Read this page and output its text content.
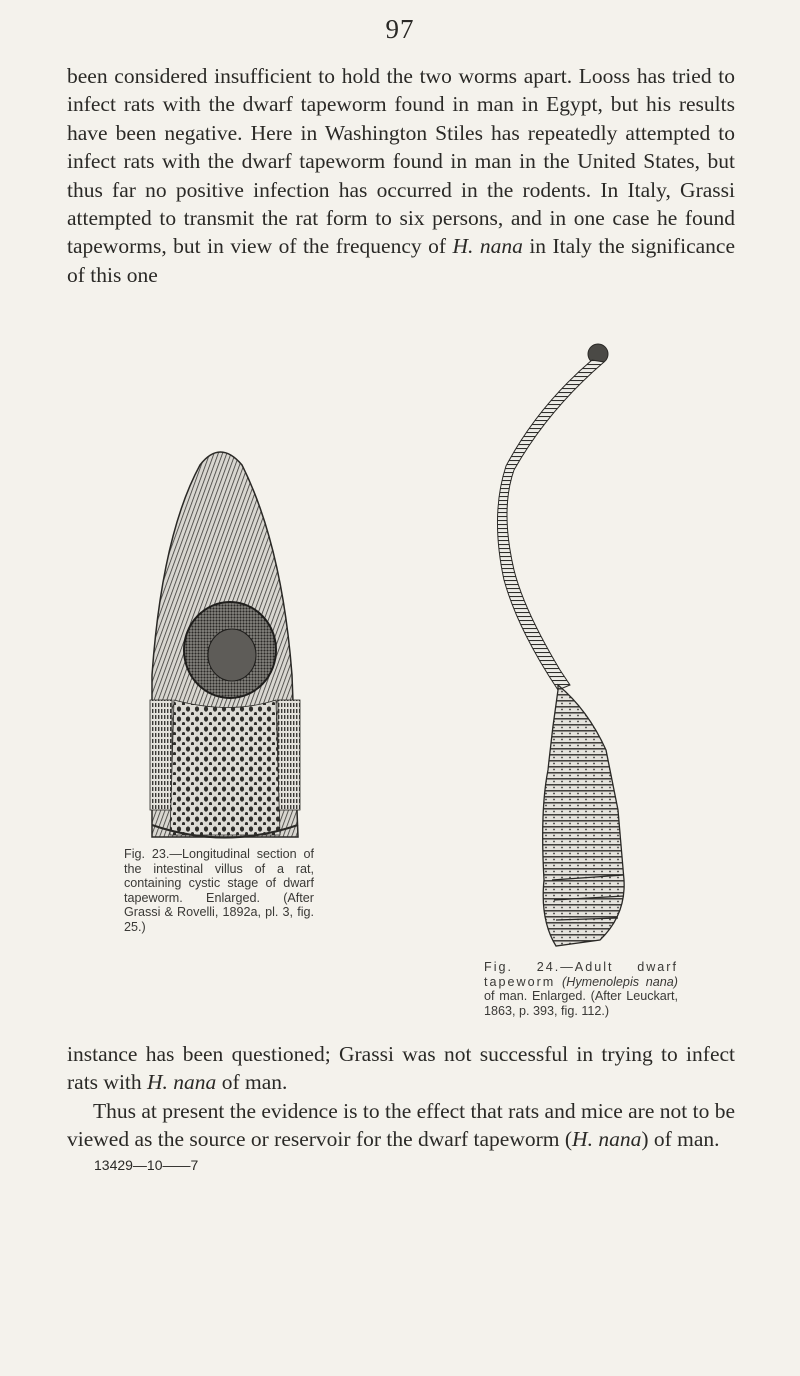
97

been considered insufficient to hold the two worms apart. Looss has tried to infect rats with the dwarf tapeworm found in man in Egypt, but his results have been negative. Here in Washington Stiles has repeatedly attempted to infect rats with the dwarf tapeworm found in man in the United States, but thus far no positive infection has occurred in the rodents. In Italy, Grassi attempted to transmit the rat form to six persons, and in one case he found tapeworms, but in view of the frequency of H. nana in Italy the significance of this one

Fig. 23.—Longitudinal section of the intestinal villus of a rat, containing cystic stage of dwarf tapeworm. Enlarged. (After Grassi & Rovelli, 1892a, pl. 3, fig. 25.)
Fig. 24.—Adult dwarf tapeworm (Hymenolepis nana) of man. Enlarged. (After Leuckart, 1863, p. 393, fig. 112.)

instance has been questioned; Grassi was not successful in trying to infect rats with H. nana of man.

Thus at present the evidence is to the effect that rats and mice are not to be viewed as the source or reservoir for the dwarf tapeworm (H. nana) of man.

13429—10——7
